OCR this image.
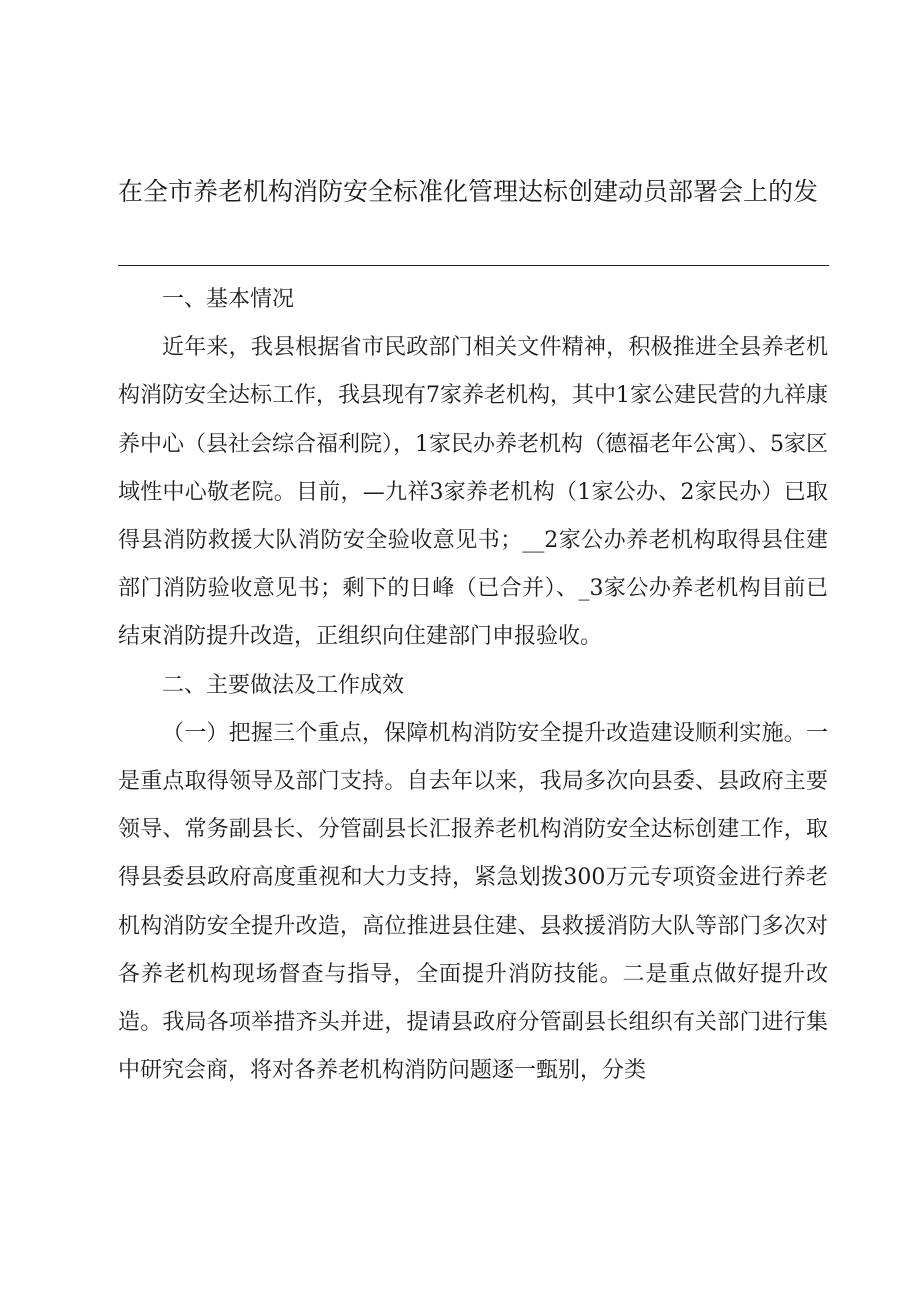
在全市养老机构消防安全标准化管理达标创建动员部署会上的发

一、基本情况

近年来，我县根据省市民政部门相关文件精神，积极推进全县养老机构消防安全达标工作，我县现有7家养老机构，其中1家公建民营的九祥康养中心（县社会综合福利院），1家民办养老机构（德福老年公寓）、5家区域性中心敬老院。目前，—九祥3家养老机构（1家公办、2家民办）已取得县消防救援大队消防安全验收意见书；__2家公办养老机构取得县住建部门消防验收意见书；剩下的日峰（已合并）、_3家公办养老机构目前已结束消防提升改造，正组织向住建部门申报验收。

二、主要做法及工作成效

（一）把握三个重点，保障机构消防安全提升改造建设顺利实施。一是重点取得领导及部门支持。自去年以来，我局多次向县委、县政府主要领导、常务副县长、分管副县长汇报养老机构消防安全达标创建工作，取得县委县政府高度重视和大力支持，紧急划拨300万元专项资金进行养老机构消防安全提升改造，高位推进县住建、县救援消防大队等部门多次对各养老机构现场督查与指导，全面提升消防技能。二是重点做好提升改造。我局各项举措齐头并进，提请县政府分管副县长组织有关部门进行集中研究会商，将对各养老机构消防问题逐一甄别，分类
